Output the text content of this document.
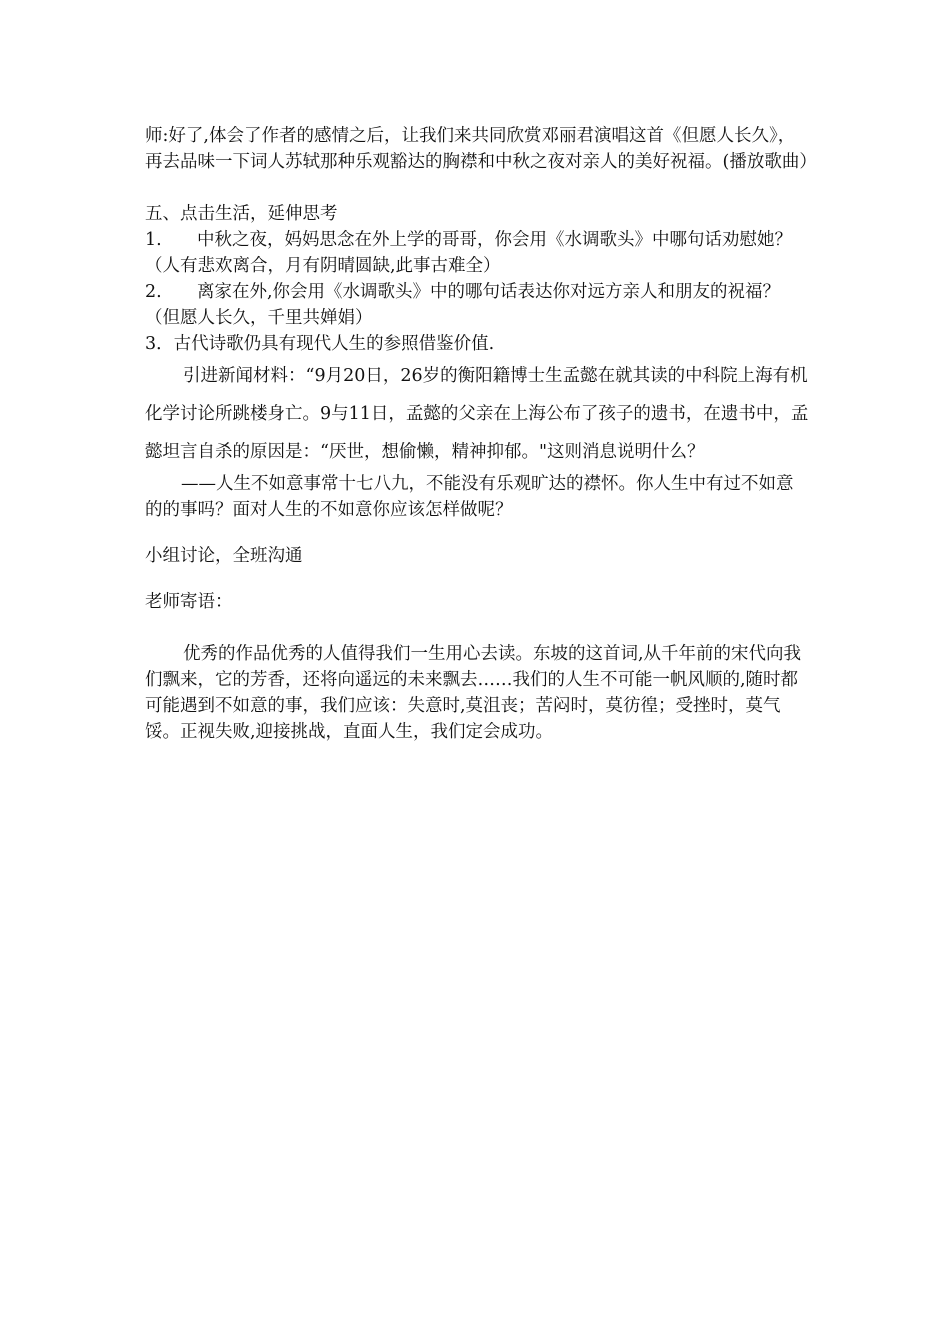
师:好了,体会了作者的感情之后，让我们来共同欣赏邓丽君演唱这首《但愿人长久》，再去品味一下词人苏轼那种乐观豁达的胸襟和中秋之夜对亲人的美好祝福。(播放歌曲）

五、点击生活，延伸思考

1. 中秋之夜，妈妈思念在外上学的哥哥，你会用《水调歌头》中哪句话劝慰她？

（人有悲欢离合，月有阴晴圆缺,此事古难全）

2. 离家在外,你会用《水调歌头》中的哪句话表达你对远方亲人和朋友的祝福？

（但愿人长久，千里共婵娟）

3．古代诗歌仍具有现代人生的参照借鉴价值.

引进新闻材料：“9月20日，26岁的衡阳籍博士生孟懿在就其读的中科院上海有机化学讨论所跳楼身亡。9与11日，孟懿的父亲在上海公布了孩子的遗书，在遗书中，孟懿坦言自杀的原因是：“厌世，想偷懒，精神抑郁。"这则消息说明什么？

——人生不如意事常十七八九，不能没有乐观旷达的襟怀。你人生中有过不如意的的事吗？面对人生的不如意你应该怎样做呢？

小组讨论，全班沟通

老师寄语：

优秀的作品优秀的人值得我们一生用心去读。东坡的这首词,从千年前的宋代向我们飘来，它的芳香，还将向遥远的未来飘去……我们的人生不可能一帆风顺的,随时都可能遇到不如意的事，我们应该：失意时,莫沮丧；苦闷时，莫彷徨；受挫时，莫气馁。正视失败,迎接挑战，直面人生，我们定会成功。
